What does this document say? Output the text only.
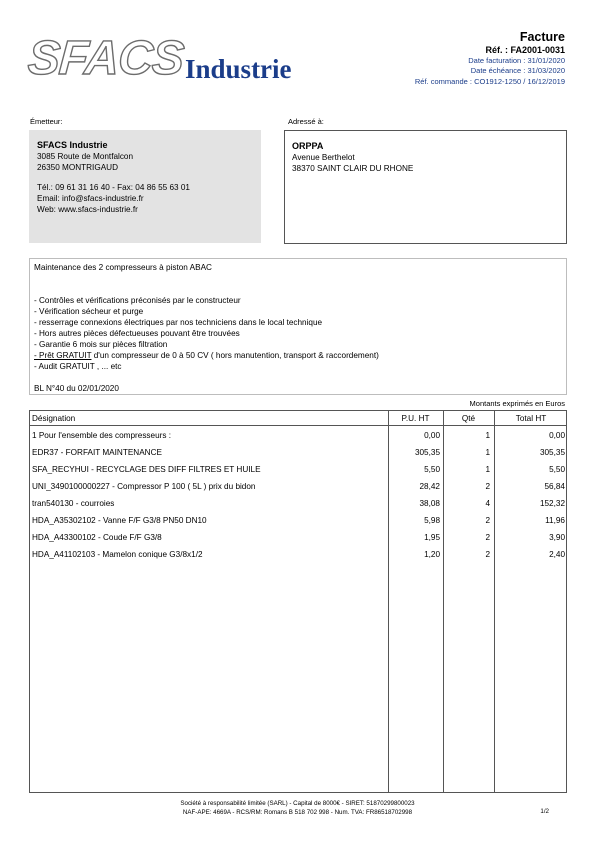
SFACS Industrie
Facture
Réf. : FA2001-0031
Date facturation : 31/01/2020
Date échéance : 31/03/2020
Réf. commande : CO1912-1250 / 16/12/2019
Émetteur:	Adressé à:
SFACS Industrie
3085 Route de Montfalcon
26350 MONTRIGAUD
Tél.: 09 61 31 16 40 - Fax: 04 86 55 63 01
Email: info@sfacs-industrie.fr
Web: www.sfacs-industrie.fr
ORPPA
Avenue Berthelot
38370 SAINT CLAIR DU RHONE
Maintenance des 2 compresseurs à piston ABAC
- Contrôles et vérifications préconisés par le constructeur
- Vérification sécheur et purge
- resserrage connexions électriques par nos techniciens dans le local technique
- Hors autres pièces défectueuses pouvant être trouvées
- Garantie 6 mois sur pièces filtration
- Prêt GRATUIT d'un compresseur de 0 à 50 CV ( hors manutention, transport & raccordement)
- Audit GRATUIT , ... etc
BL N°40 du 02/01/2020
Montants exprimés en Euros
Désignation	P.U. HT	Qté	Total HT
1 Pour l'ensemble des compresseurs :	0,00	1	0,00
EDR37 - FORFAIT MAINTENANCE	305,35	1	305,35
SFA_RECYHUI - RECYCLAGE DES DIFF FILTRES ET HUILE	5,50	1	5,50
UNI_3490100000227 - Compressor P 100 ( 5L ) prix du bidon	28,42	2	56,84
tran540130 - courroies	38,08	4	152,32
HDA_A35302102 - Vanne F/F G3/8 PN50 DN10	5,98	2	11,96
HDA_A43300102 - Coude F/F G3/8	1,95	2	3,90
HDA_A41102103 - Mamelon conique G3/8x1/2	1,20	2	2,40
Société à responsabilité limitée (SARL) - Capital de 8000€ - SIRET: 51870299800023
NAF-APE: 4669A - RCS/RM: Romans B 518 702 998 - Num. TVA: FR86518702998	1/2
